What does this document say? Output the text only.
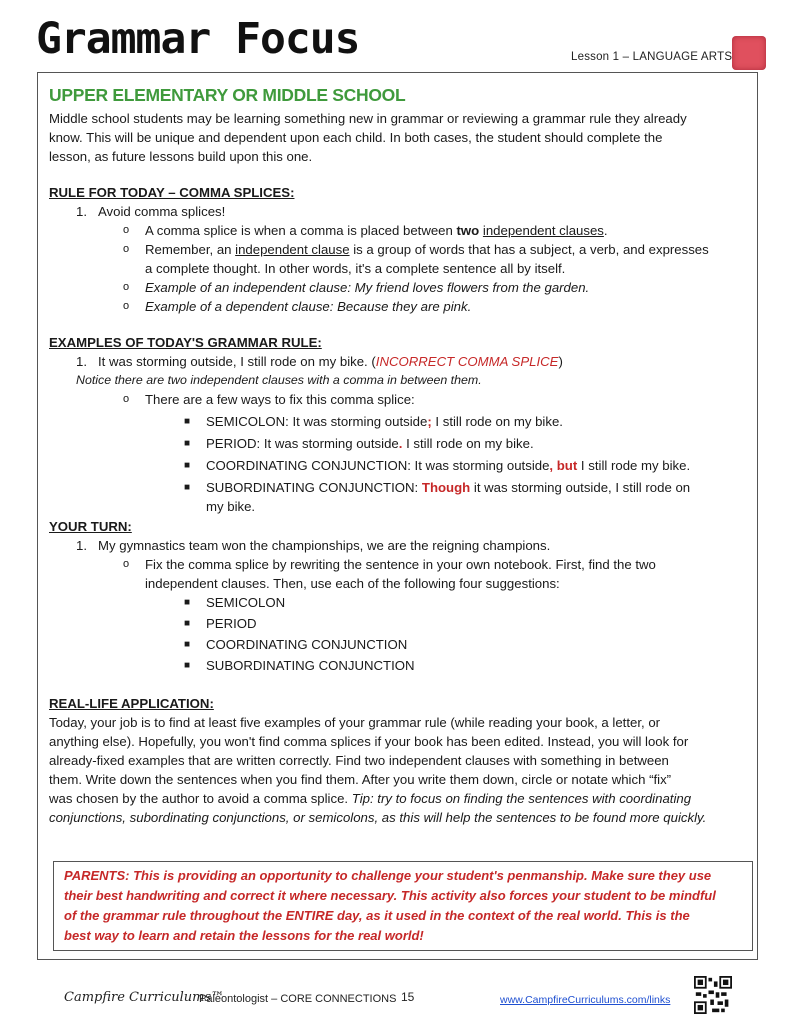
Grammar Focus	Lesson 1 – LANGUAGE ARTS
UPPER ELEMENTARY OR MIDDLE SCHOOL

Middle school students may be learning something new in grammar or reviewing a grammar rule they already

know. This will be unique and dependent upon each child. In both cases, the student should complete the

lesson, as future lessons build upon this one.

RULE FOR TODAY – COMMA SPLICES:

1. Avoid comma splices!

o A comma splice is when a comma is placed between two independent clauses.

o Remember, an independent clause is a group of words that has a subject, a verb, and expresses

a complete thought. In other words, it's a complete sentence all by itself.

o Example of an independent clause: My friend loves flowers from the garden.

o Example of a dependent clause: Because they are pink.

EXAMPLES OF TODAY'S GRAMMAR RULE:

1. It was storming outside, I still rode on my bike. (INCORRECT COMMA SPLICE)

Notice there are two independent clauses with a comma in between them.

o There are a few ways to fix this comma splice:

■ SEMICOLON: It was storming outside; I still rode on my bike.

■ PERIOD: It was storming outside. I still rode on my bike.

■ COORDINATING CONJUNCTION: It was storming outside, but I still rode my bike.

■ SUBORDINATING CONJUNCTION: Though it was storming outside, I still rode on

my bike.

YOUR TURN:

1. My gymnastics team won the championships, we are the reigning champions.

o Fix the comma splice by rewriting the sentence in your own notebook. First, find the two

independent clauses. Then, use each of the following four suggestions:

■ SEMICOLON

■ PERIOD

■ COORDINATING CONJUNCTION

■ SUBORDINATING CONJUNCTION

REAL-LIFE APPLICATION:

Today, your job is to find at least five examples of your grammar rule (while reading your book, a letter, or

anything else). Hopefully, you won't find comma splices if your book has been edited. Instead, you will look for

already-fixed examples that are written correctly. Find two independent clauses with something in between

them. Write down the sentences when you find them. After you write them down, circle or notate which “fix”

was chosen by the author to avoid a comma splice. Tip: try to focus on finding the sentences with coordinating

conjunctions, subordinating conjunctions, or semicolons, as this will help the sentences to be found more quickly.

PARENTS: This is providing an opportunity to challenge your student's penmanship. Make sure they use

their best handwriting and correct it where necessary. This activity also forces your student to be mindful

of the grammar rule throughout the ENTIRE day, as it used in the context of the real world. This is the

best way to learn and retain the lessons for the real world!

Campfire Curriculums™
Paleontologist – CORE CONNECTIONS 15	www.CampfireCurriculums.com/links
